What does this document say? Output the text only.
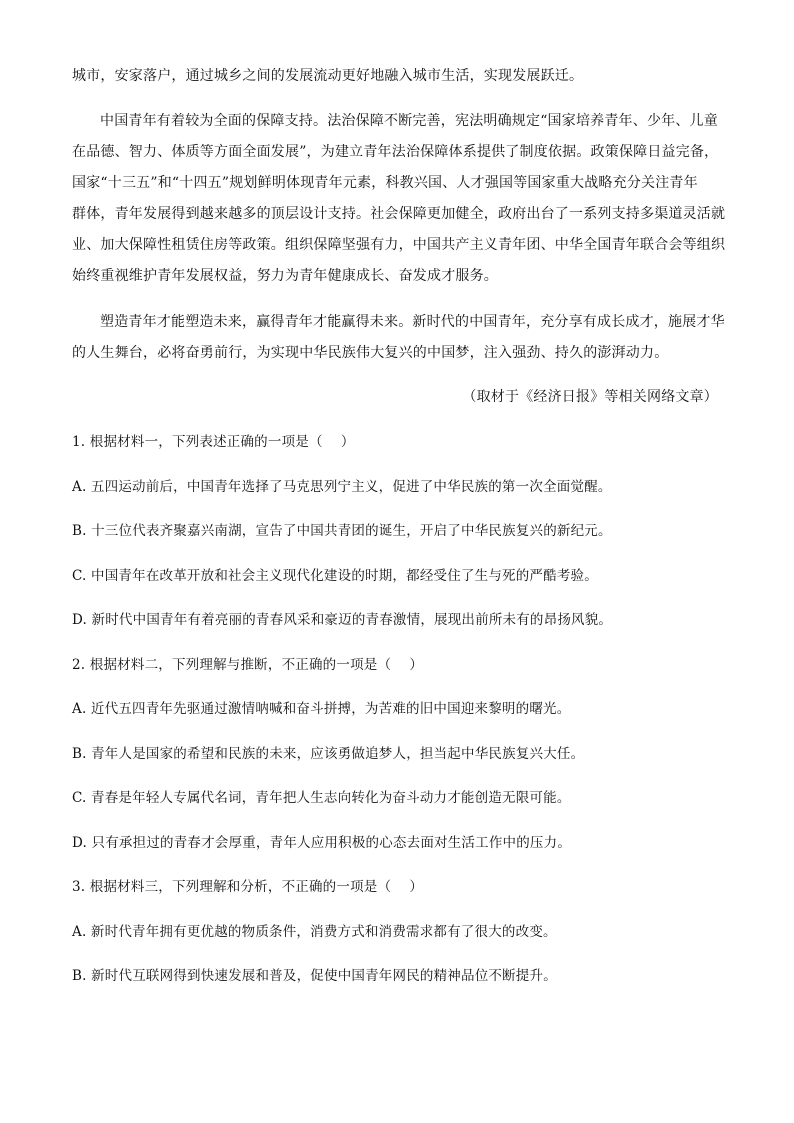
城市，安家落户，通过城乡之间的发展流动更好地融入城市生活，实现发展跃迁。
中国青年有着较为全面的保障支持。法治保障不断完善，宪法明确规定“国家培养青年、少年、儿童
在品德、智力、体质等方面全面发展”，为建立青年法治保障体系提供了制度依据。政策保障日益完备，
国家“十三五”和“十四五”规划鲜明体现青年元素，科教兴国、人才强国等国家重大战略充分关注青年
群体，青年发展得到越来越多的顶层设计支持。社会保障更加健全，政府出台了一系列支持多渠道灵活就
业、加大保障性租赁住房等政策。组织保障坚强有力，中国共产主义青年团、中华全国青年联合会等组织
始终重视维护青年发展权益，努力为青年健康成长、奋发成才服务。
塑造青年才能塑造未来，赢得青年才能赢得未来。新时代的中国青年，充分享有成长成才，施展才华
的人生舞台，必将奋勇前行，为实现中华民族伟大复兴的中国梦，注入强劲、持久的澎湃动力。
（取材于《经济日报》等相关网络文章）
1. 根据材料一，下列表述正确的一项是（　 ）
A. 五四运动前后，中国青年选择了马克思列宁主义，促进了中华民族的第一次全面觉醒。
B. 十三位代表齐聚嘉兴南湖，宣告了中国共青团的诞生，开启了中华民族复兴的新纪元。
C. 中国青年在改革开放和社会主义现代化建设的时期，都经受住了生与死的严酷考验。
D. 新时代中国青年有着亮丽的青春风采和豪迈的青春激情，展现出前所未有的昂扬风貌。
2. 根据材料二，下列理解与推断，不正确的一项是（　 ）
A. 近代五四青年先驱通过激情呐喊和奋斗拼搏，为苦难的旧中国迎来黎明的曙光。
B. 青年人是国家的希望和民族的未来，应该勇做追梦人，担当起中华民族复兴大任。
C. 青春是年轻人专属代名词，青年把人生志向转化为奋斗动力才能创造无限可能。
D. 只有承担过的青春才会厚重，青年人应用积极的心态去面对生活工作中的压力。
3. 根据材料三，下列理解和分析，不正确的一项是（　 ）
A. 新时代青年拥有更优越的物质条件，消费方式和消费需求都有了很大的改变。
B. 新时代互联网得到快速发展和普及，促使中国青年网民的精神品位不断提升。
